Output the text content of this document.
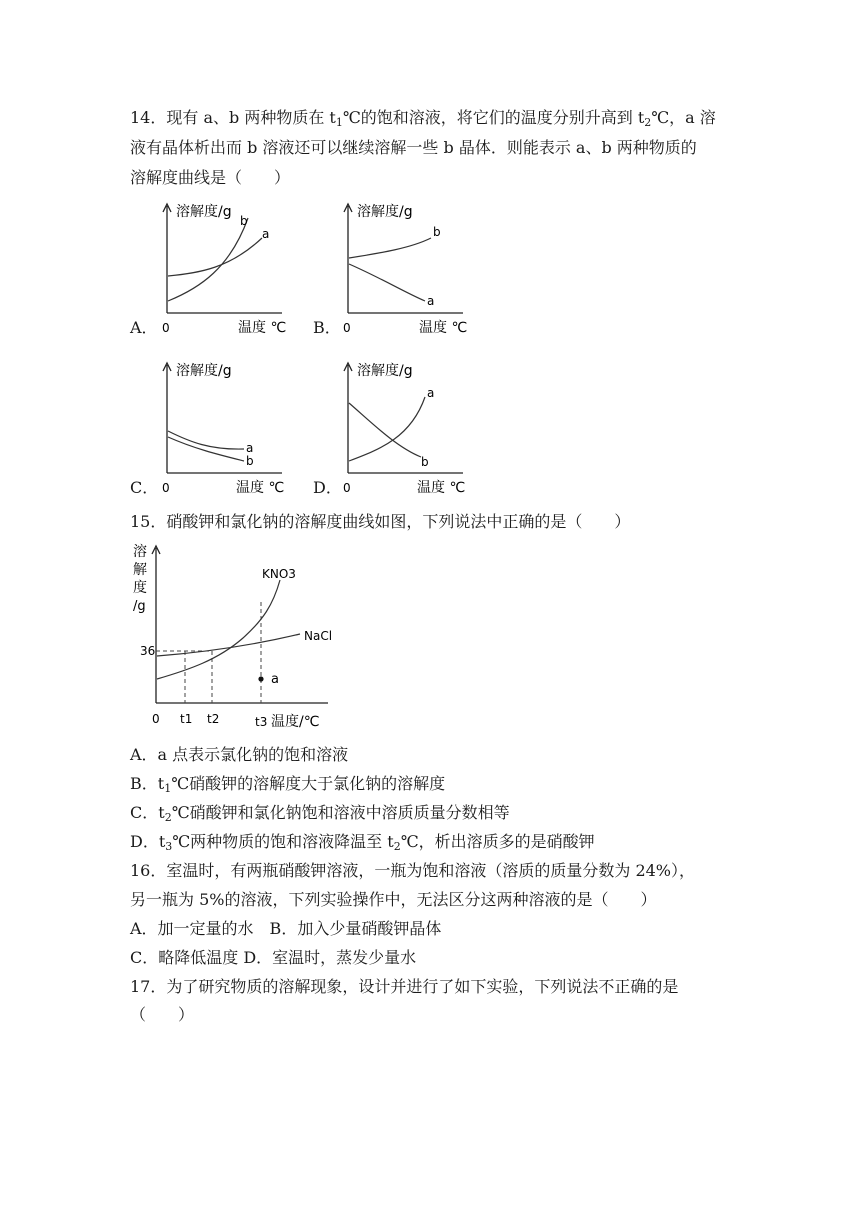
14．现有 a、b 两种物质在 $t_1℃$的饱和溶液，将它们的温度分别升高到 $t_2℃$，a 溶
液有晶体析出而 b 溶液还可以继续溶解一些 b 晶体．则能表示 a、b 两种物质的
溶解度曲线是（　　）
A．
溶解度/g
b
a
0	温度 ℃ B．
溶解度/g
b
a
0	温度 ℃
C．
溶解度/g
a
b
0	温度 ℃ D．
溶解度/g
a
b
0	温度 ℃
15．硝酸钾和氯化钠的溶解度曲线如图，下列说法中正确的是（　　）
溶
解
度
/g
a
KNO3
NaCl
36
0 t1 t2	t3 温度/℃
A．a 点表示氯化钠的饱和溶液
B．$t_1℃$硝酸钾的溶解度大于氯化钠的溶解度
C．$t_2℃$硝酸钾和氯化钠饱和溶液中溶质质量分数相等
D．$t_3℃$两种物质的饱和溶液降温至 $t_2℃$，析出溶质多的是硝酸钾
16．室温时，有两瓶硝酸钾溶液，一瓶为饱和溶液（溶质的质量分数为 24%），
另一瓶为 5%的溶液，下列实验操作中，无法区分这两种溶液的是（　　）
A．加一定量的水　B．加入少量硝酸钾晶体
C．略降低温度 D．室温时，蒸发少量水
17．为了研究物质的溶解现象，设计并进行了如下实验，下列说法不正确的是
（　　）
